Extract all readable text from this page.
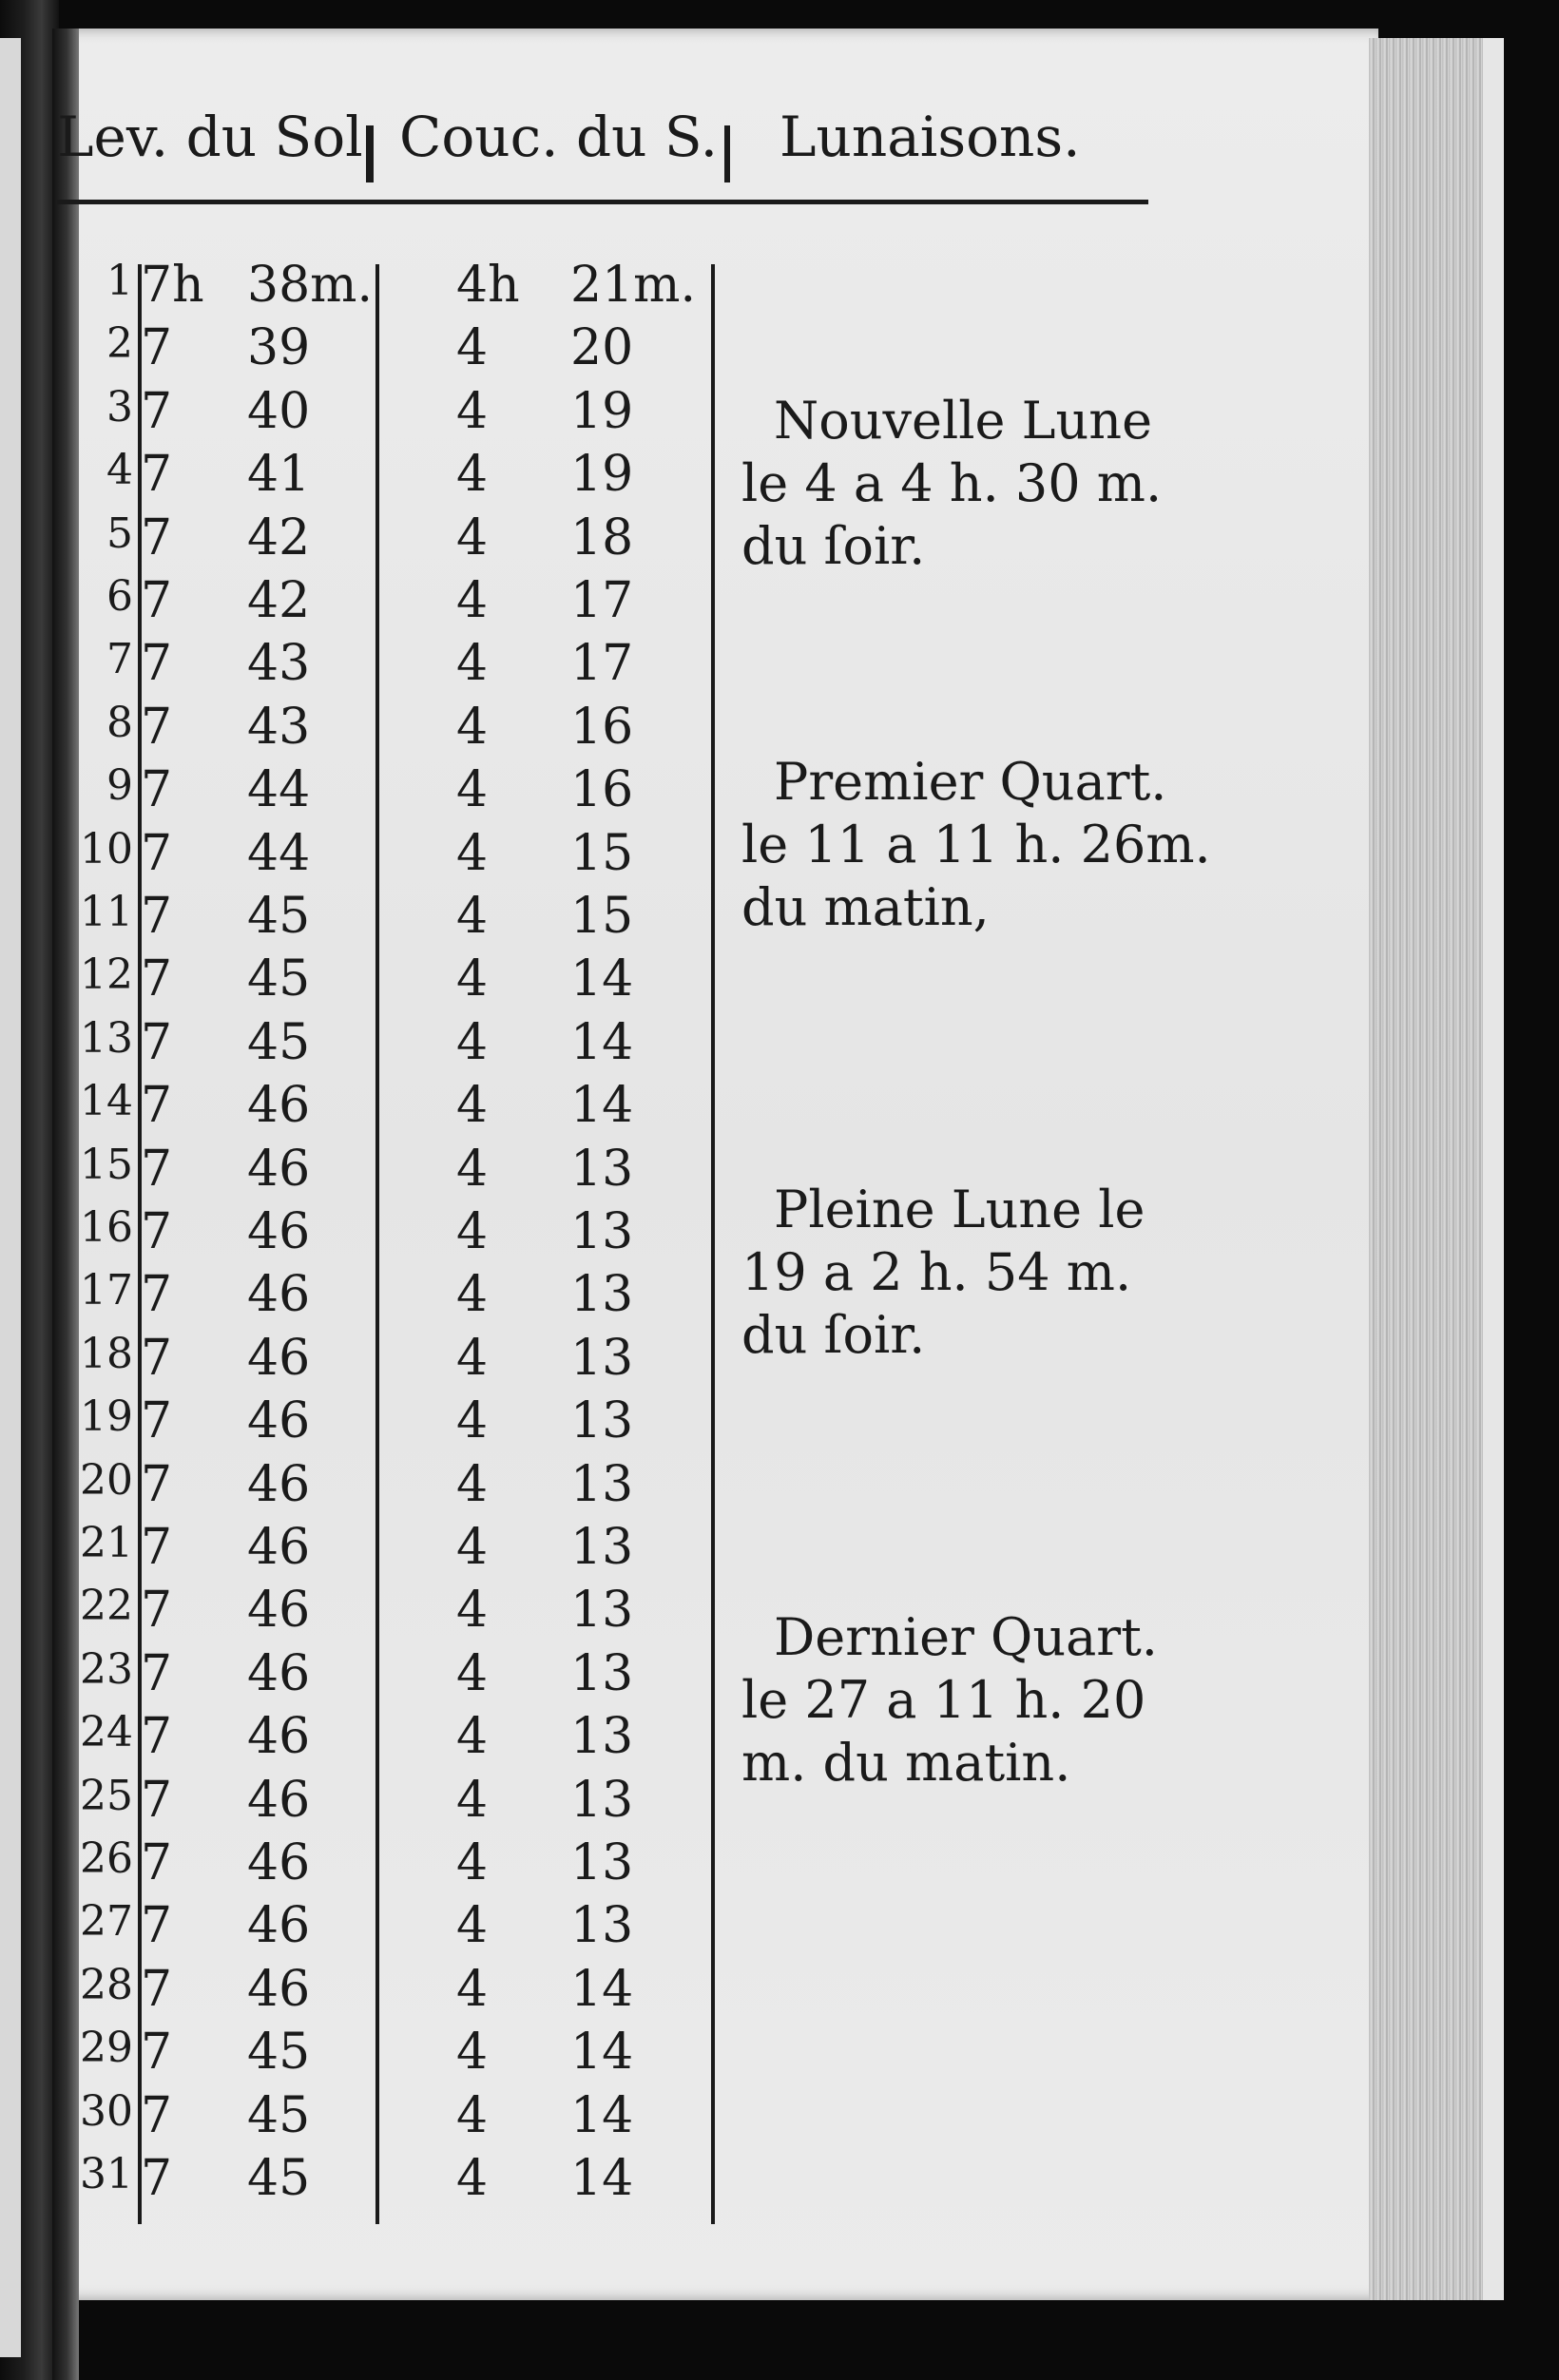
Lev. du Sol Couc. du S. Lunaisons.
1 7h 38m. 4h 21m.
2 7 39	4 20
3 7 40	4 19
4 7 41	4 19
5 7 42	4 18
6 7 42	4 17
7 7 43	4 17
8 7 43	4 16
9 7 44	4 16
10 7 44	4 15
11 7 45	4 15
12 7 45	4 14
13 7 45	4 14
14 7 46	4 14
15 7 46	4 13
16 7 46	4 13
17 7 46	4 13
18 7 46	4 13
19 7 46	4 13
20 7 46	4 13
21 7 46	4 13
22 7 46	4 13
23 7 46	4 13
24 7 46	4 13
25 7 46	4 13
26 7 46	4 13
27 7 46	4 13
28 7 46	4 14
29 7 45	4 14
30 7 45	4 14
31 7 45	4 14

Nouvelle Lune

le 4 a 4 h. 30 m.

du ſoir.

Premier Quart.

le 11 a 11 h. 26m.

du matin,

Pleine Lune le

19 a 2 h. 54 m.

du ſoir.

Dernier Quart.

le 27 a 11 h. 20

m. du matin.
